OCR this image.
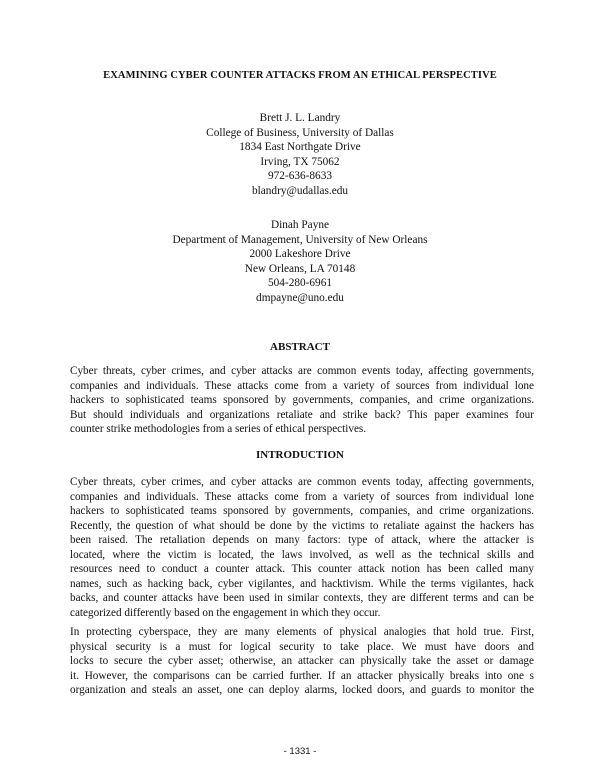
EXAMINING CYBER COUNTER ATTACKS FROM AN ETHICAL PERSPECTIVE
Brett J. L. Landry
College of Business, University of Dallas
1834 East Northgate Drive
Irving, TX 75062
972-636-8633
blandry@udallas.edu
Dinah Payne
Department of Management, University of New Orleans
2000 Lakeshore Drive
New Orleans, LA 70148
504-280-6961
dmpayne@uno.edu
ABSTRACT
Cyber threats, cyber crimes, and cyber attacks are common events today, affecting governments,
companies and individuals. These attacks come from a variety of sources from individual lone
hackers to sophisticated teams sponsored by governments, companies, and crime organizations.
But should individuals and organizations retaliate and strike back? This paper examines four
counter strike methodologies from a series of ethical perspectives.
INTRODUCTION
Cyber threats, cyber crimes, and cyber attacks are common events today, affecting governments,
companies and individuals. These attacks come from a variety of sources from individual lone
hackers to sophisticated teams sponsored by governments, companies, and crime organizations.
Recently, the question of what should be done by the victims to retaliate against the hackers has
been raised. The retaliation depends on many factors: type of attack, where the attacker is
located, where the victim is located, the laws involved, as well as the technical skills and
resources need to conduct a counter attack. This counter attack notion has been called many
names, such as hacking back, cyber vigilantes, and hacktivism. While the terms vigilantes, hack
backs, and counter attacks have been used in similar contexts, they are different terms and can be
categorized differently based on the engagement in which they occur.
In protecting cyberspace, they are many elements of physical analogies that hold true. First,
physical security is a must for logical security to take place. We must have doors and
locks to secure the cyber asset; otherwise, an attacker can physically take the asset or damage
it. However, the comparisons can be carried further. If an attacker physically breaks into one s
organization and steals an asset, one can deploy alarms, locked doors, and guards to monitor the
- 1331 -
